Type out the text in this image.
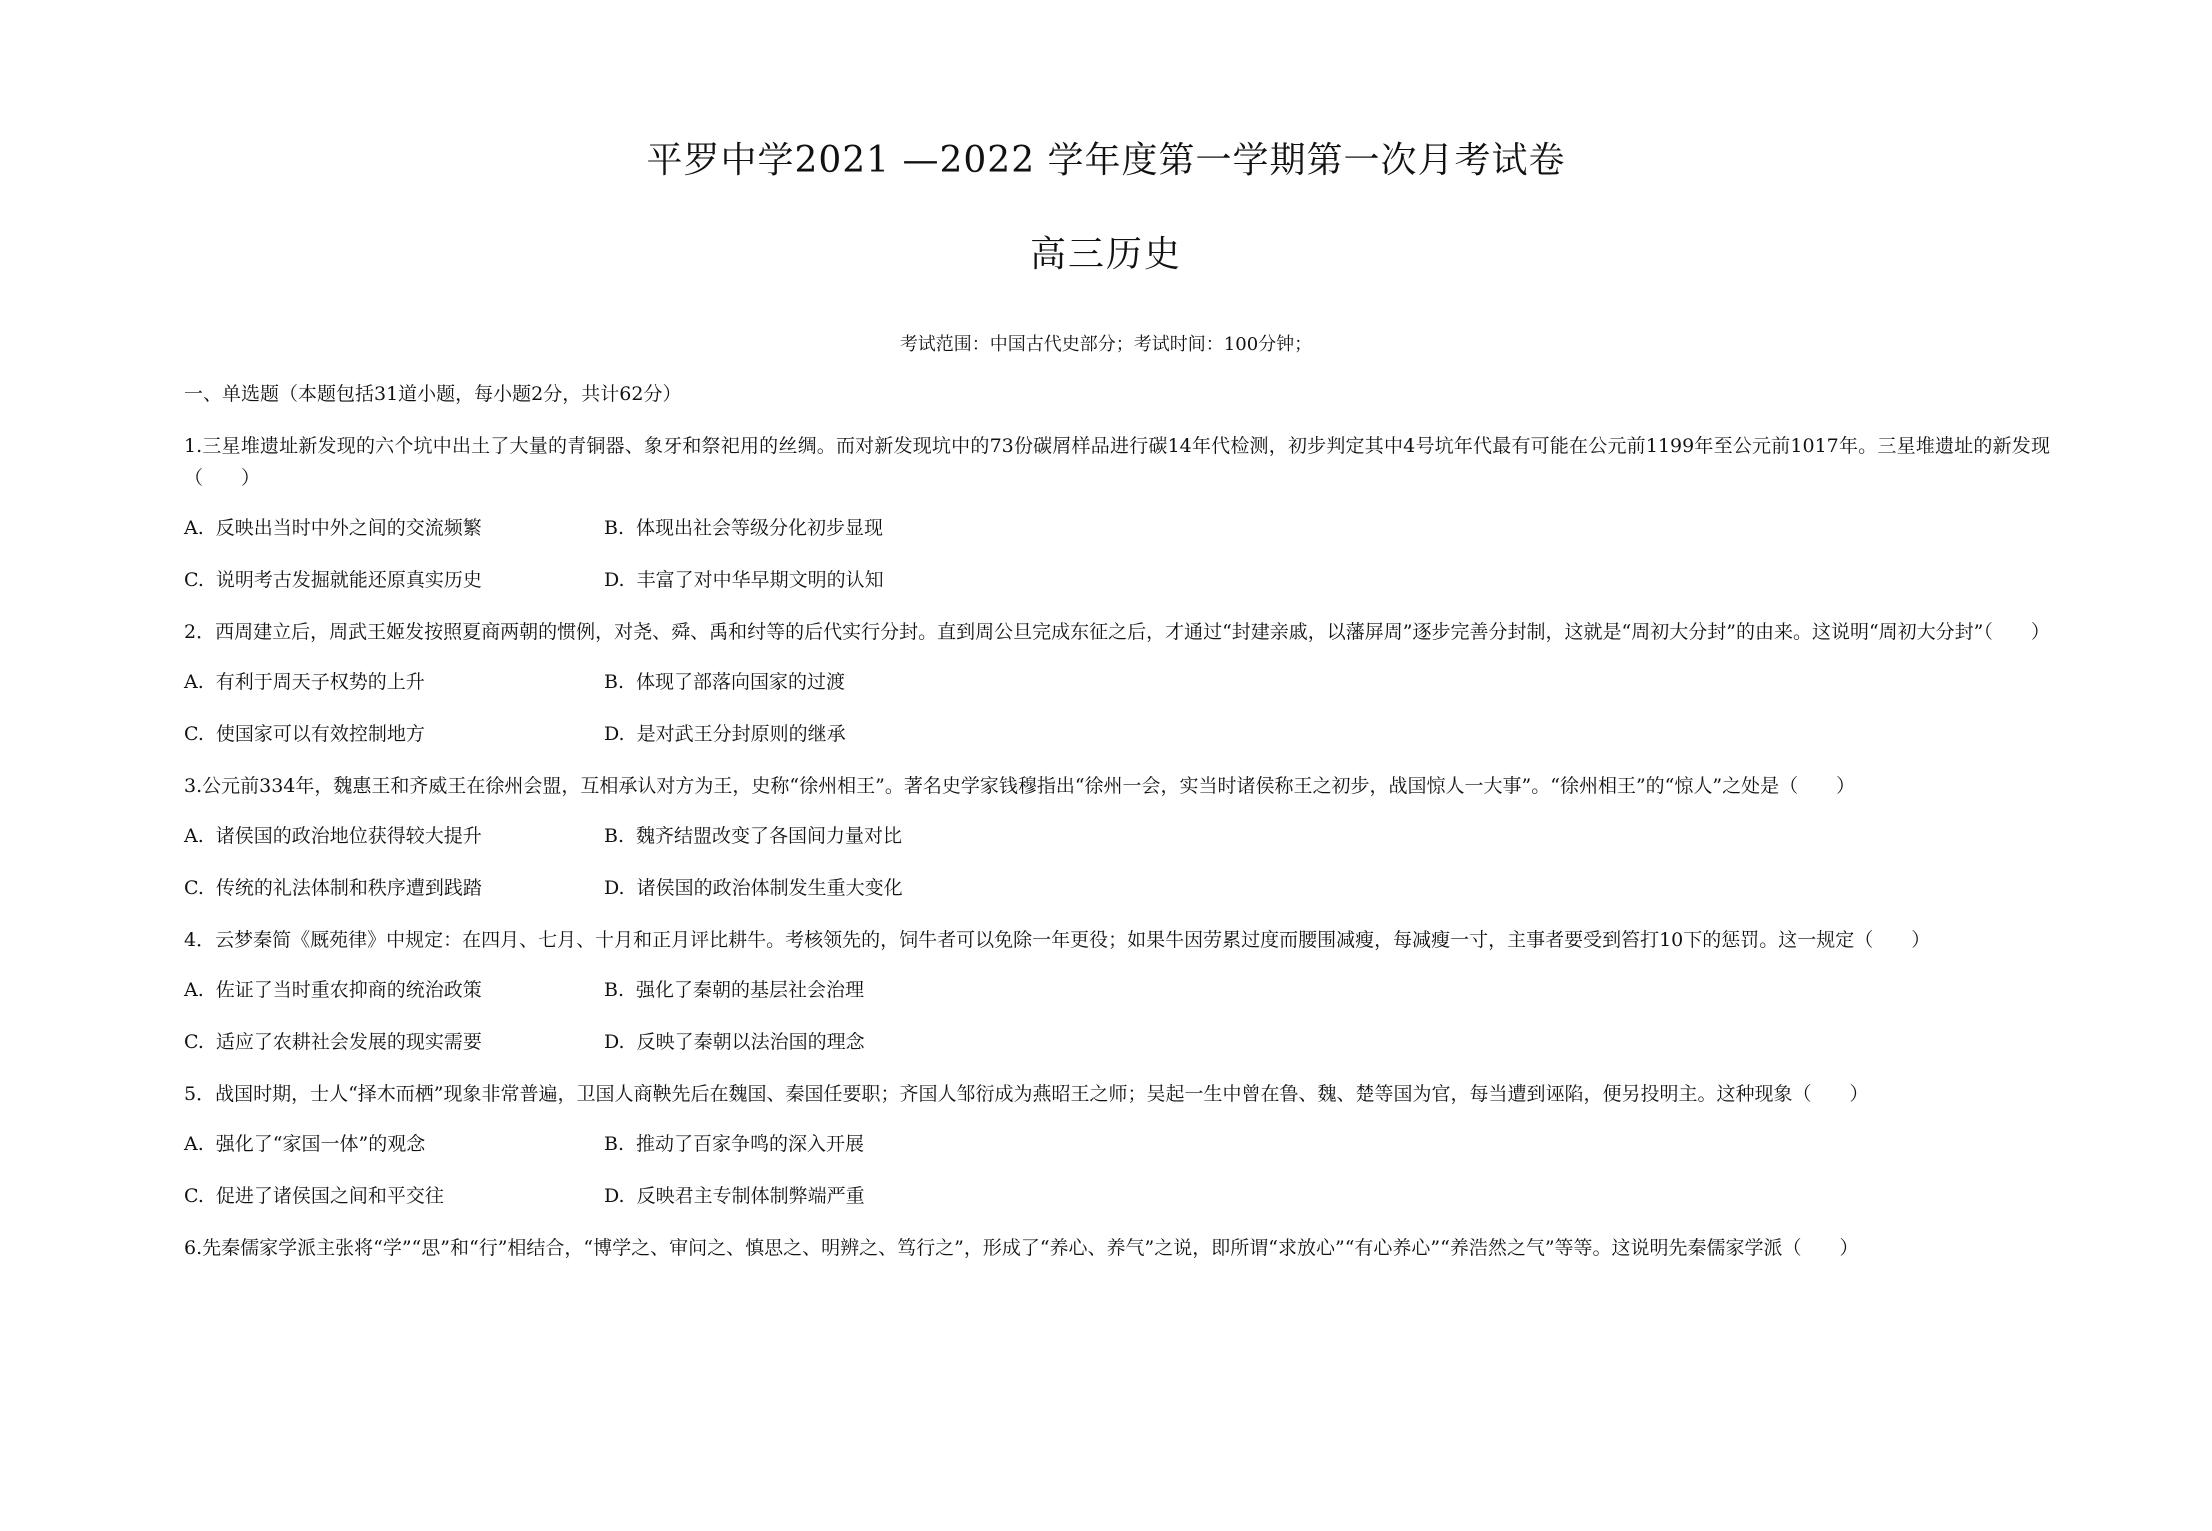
平罗中学2021 —2022 学年度第一学期第一次月考试卷
高三历史
考试范围：中国古代史部分；考试时间：100分钟；
一、单选题（本题包括31道小题，每小题2分，共计62分）
1.三星堆遗址新发现的六个坑中出土了大量的青铜器、象牙和祭祀用的丝绸。而对新发现坑中的73份碳屑样品进行碳14年代检测，初步判定其中4号坑年代最有可能在公元前1199年至公元前1017年。三星堆遗址的新发现（　　）
A. 反映出当时中外之间的交流频繁	B. 体现出社会等级分化初步显现
C. 说明考古发掘就能还原真实历史	D. 丰富了对中华早期文明的认知
2．西周建立后，周武王姬发按照夏商两朝的惯例，对尧、舜、禹和纣等的后代实行分封。直到周公旦完成东征之后，才通过“封建亲戚，以藩屏周”逐步完善分封制，这就是“周初大分封”的由来。这说明“周初大分封”（　　）
A. 有利于周天子权势的上升	B. 体现了部落向国家的过渡
C. 使国家可以有效控制地方	D. 是对武王分封原则的继承
3.公元前334年，魏惠王和齐威王在徐州会盟，互相承认对方为王，史称“徐州相王”。著名史学家钱穆指出“徐州一会，实当时诸侯称王之初步，战国惊人一大事”。“徐州相王”的“惊人”之处是（　　）
A. 诸侯国的政治地位获得较大提升	B. 魏齐结盟改变了各国间力量对比
C. 传统的礼法体制和秩序遭到践踏	D. 诸侯国的政治体制发生重大变化
4．云梦秦简《厩苑律》中规定：在四月、七月、十月和正月评比耕牛。考核领先的，饲牛者可以免除一年更役；如果牛因劳累过度而腰围减瘦，每减瘦一寸，主事者要受到笞打10下的惩罚。这一规定（　　）
A. 佐证了当时重农抑商的统治政策	B. 强化了秦朝的基层社会治理
C. 适应了农耕社会发展的现实需要	D. 反映了秦朝以法治国的理念
5．战国时期，士人“择木而栖”现象非常普遍，卫国人商鞅先后在魏国、秦国任要职；齐国人邹衍成为燕昭王之师；吴起一生中曾在鲁、魏、楚等国为官，每当遭到诬陷，便另投明主。这种现象（　　）
A. 强化了“家国一体”的观念	B. 推动了百家争鸣的深入开展
C. 促进了诸侯国之间和平交往	D. 反映君主专制体制弊端严重
6.先秦儒家学派主张将“学”“思”和“行”相结合，“博学之、审问之、慎思之、明辨之、笃行之”，形成了“养心、养气”之说，即所谓“求放心”“有心养心”“养浩然之气”等等。这说明先秦儒家学派（　　）
